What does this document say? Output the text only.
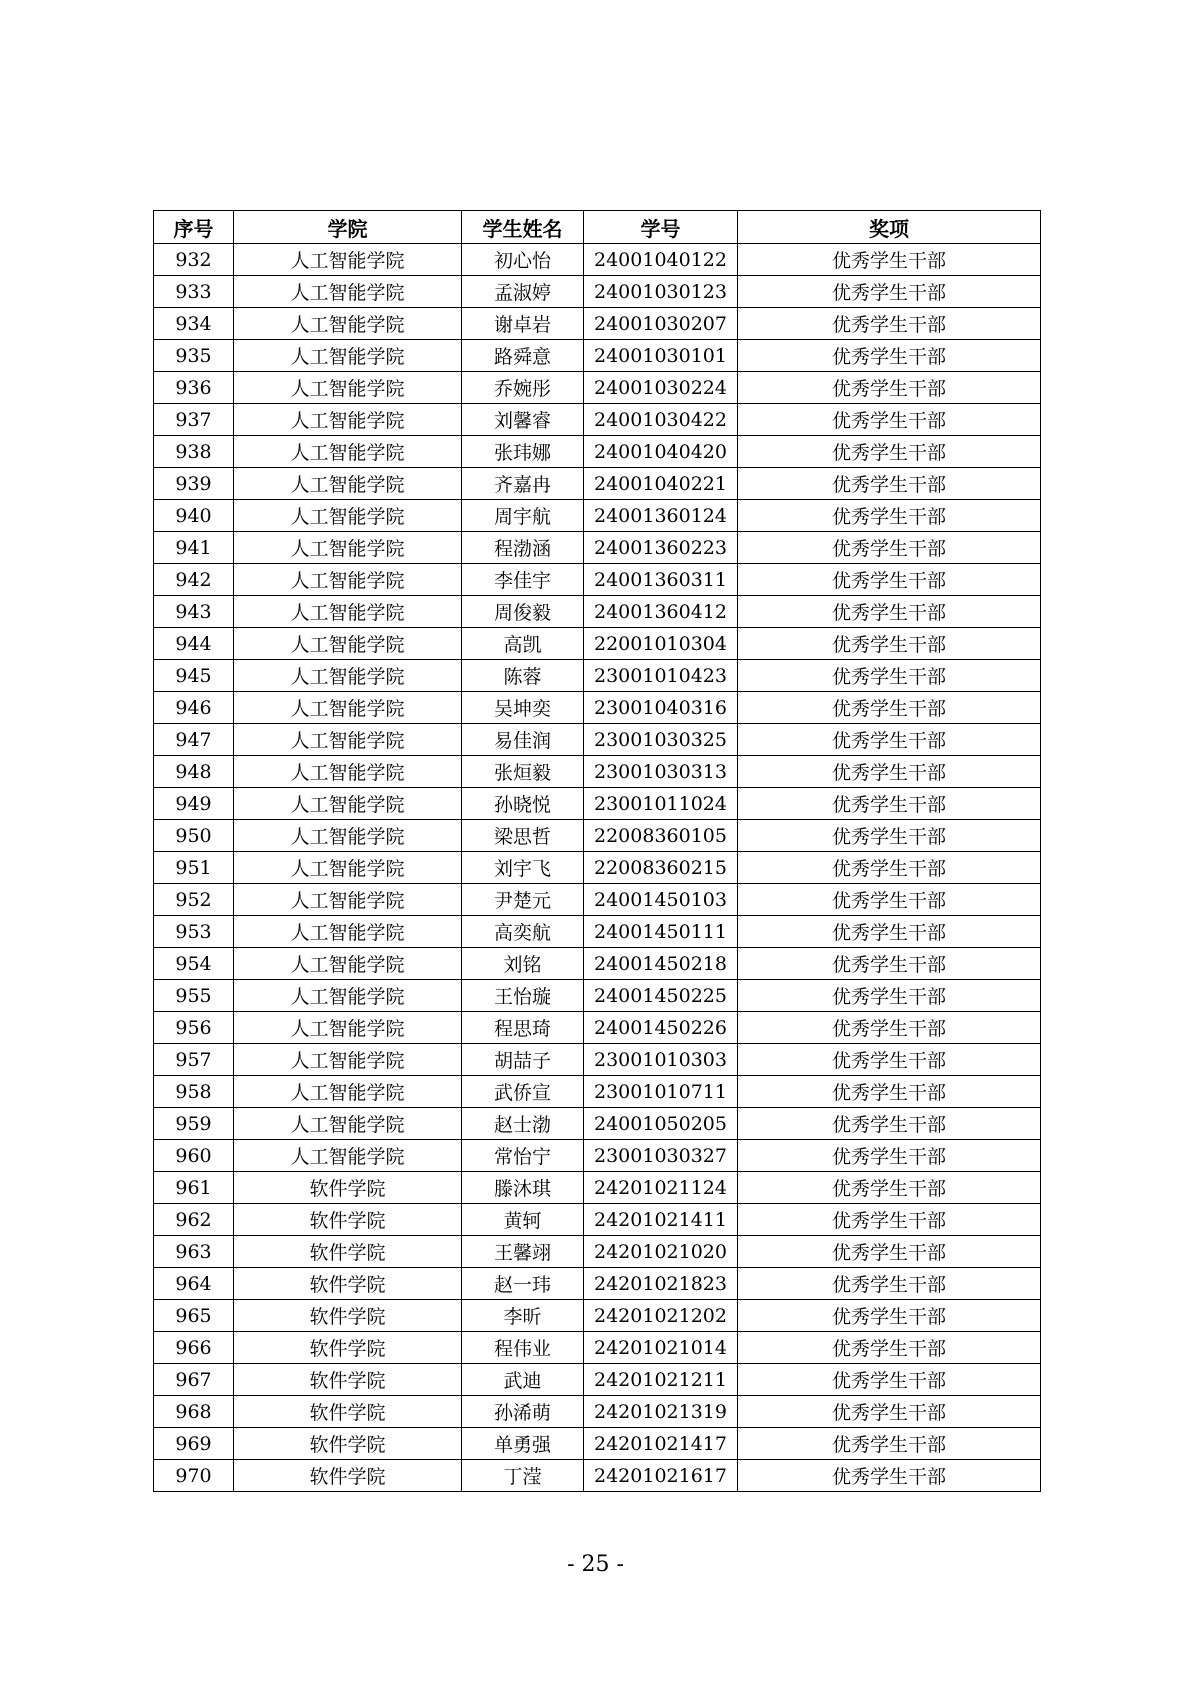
序号	学院	学生姓名	学号	奖项
932	人工智能学院	初心怡	24001040122	优秀学生干部
933	人工智能学院	孟淑婷	24001030123	优秀学生干部
934	人工智能学院	谢卓岩	24001030207	优秀学生干部
935	人工智能学院	路舜意	24001030101	优秀学生干部
936	人工智能学院	乔婉彤	24001030224	优秀学生干部
937	人工智能学院	刘馨睿	24001030422	优秀学生干部
938	人工智能学院	张玮娜	24001040420	优秀学生干部
939	人工智能学院	齐嘉冉	24001040221	优秀学生干部
940	人工智能学院	周宇航	24001360124	优秀学生干部
941	人工智能学院	程渤涵	24001360223	优秀学生干部
942	人工智能学院	李佳宇	24001360311	优秀学生干部
943	人工智能学院	周俊毅	24001360412	优秀学生干部
944	人工智能学院	高凯	22001010304	优秀学生干部
945	人工智能学院	陈蓉	23001010423	优秀学生干部
946	人工智能学院	吴坤奕	23001040316	优秀学生干部
947	人工智能学院	易佳润	23001030325	优秀学生干部
948	人工智能学院	张烜毅	23001030313	优秀学生干部
949	人工智能学院	孙晓悦	23001011024	优秀学生干部
950	人工智能学院	梁思哲	22008360105	优秀学生干部
951	人工智能学院	刘宇飞	22008360215	优秀学生干部
952	人工智能学院	尹楚元	24001450103	优秀学生干部
953	人工智能学院	高奕航	24001450111	优秀学生干部
954	人工智能学院	刘铭	24001450218	优秀学生干部
955	人工智能学院	王怡璇	24001450225	优秀学生干部
956	人工智能学院	程思琦	24001450226	优秀学生干部
957	人工智能学院	胡喆子	23001010303	优秀学生干部
958	人工智能学院	武侨宣	23001010711	优秀学生干部
959	人工智能学院	赵士渤	24001050205	优秀学生干部
960	人工智能学院	常怡宁	23001030327	优秀学生干部
961	软件学院	滕沐琪	24201021124	优秀学生干部
962	软件学院	黄轲	24201021411	优秀学生干部
963	软件学院	王馨翊	24201021020	优秀学生干部
964	软件学院	赵一玮	24201021823	优秀学生干部
965	软件学院	李昕	24201021202	优秀学生干部
966	软件学院	程伟业	24201021014	优秀学生干部
967	软件学院	武迪	24201021211	优秀学生干部
968	软件学院	孙浠萌	24201021319	优秀学生干部
969	软件学院	单勇强	24201021417	优秀学生干部
970	软件学院	丁滢	24201021617	优秀学生干部
- 25 -
